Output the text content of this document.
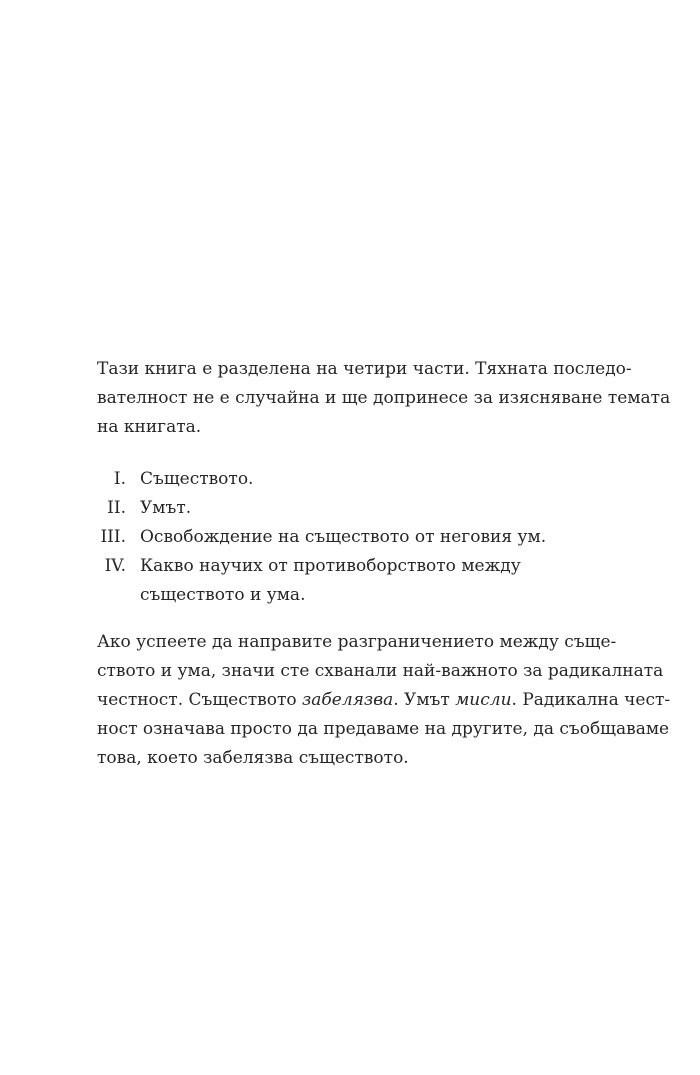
Тази книга е разделена на четири части. Тяхната последо-
вателност не е случайна и ще допринесе за изясняване темата
на книгата.
I. Съществото.
II. Умът.
III. Освобождение на съществото от неговия ум.
IV. Какво научих от противоборството между
съществото и ума.
Ако успеете да направите разграничението между съще-
ството и ума, значи сте схванали най-важното за радикалната
честност. Съществото забелязва. Умът мисли. Радикална чест-
ност означава просто да предаваме на другите, да съобщаваме
това, което забелязва съществото.
